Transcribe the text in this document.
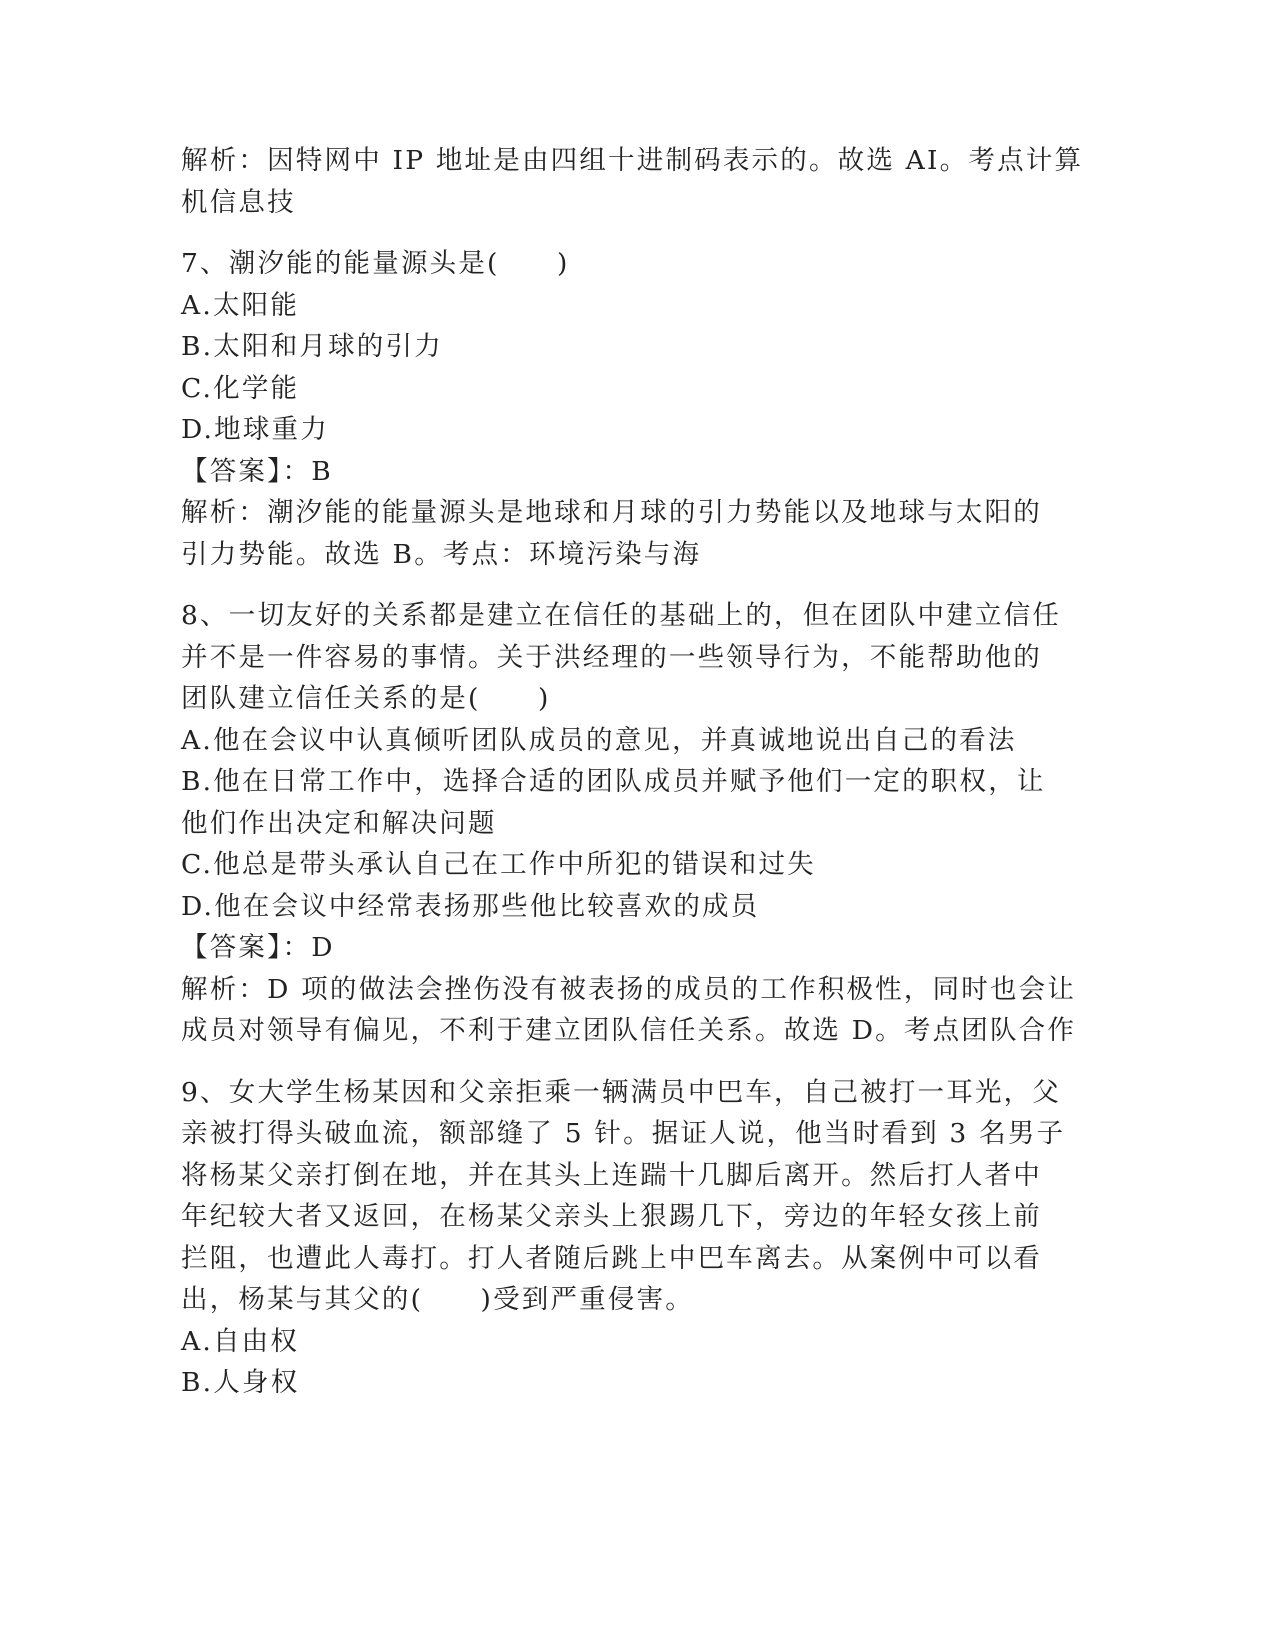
解析：因特网中 IP 地址是由四组十进制码表示的。故选 AI。考点计算
机信息技
7、潮汐能的能量源头是(　　)
A.太阳能
B.太阳和月球的引力
C.化学能
D.地球重力
【答案】：B
解析：潮汐能的能量源头是地球和月球的引力势能以及地球与太阳的
引力势能。故选 B。考点：环境污染与海
8、一切友好的关系都是建立在信任的基础上的，但在团队中建立信任
并不是一件容易的事情。关于洪经理的一些领导行为，不能帮助他的
团队建立信任关系的是(　　)
A.他在会议中认真倾听团队成员的意见，并真诚地说出自己的看法
B.他在日常工作中，选择合适的团队成员并赋予他们一定的职权，让
他们作出决定和解决问题
C.他总是带头承认自己在工作中所犯的错误和过失
D.他在会议中经常表扬那些他比较喜欢的成员
【答案】：D
解析：D 项的做法会挫伤没有被表扬的成员的工作积极性，同时也会让
成员对领导有偏见，不利于建立团队信任关系。故选 D。考点团队合作
9、女大学生杨某因和父亲拒乘一辆满员中巴车，自己被打一耳光，父
亲被打得头破血流，额部缝了 5 针。据证人说，他当时看到 3 名男子
将杨某父亲打倒在地，并在其头上连踹十几脚后离开。然后打人者中
年纪较大者又返回，在杨某父亲头上狠踢几下，旁边的年轻女孩上前
拦阻，也遭此人毒打。打人者随后跳上中巴车离去。从案例中可以看
出，杨某与其父的(　　)受到严重侵害。
A.自由权
B.人身权
